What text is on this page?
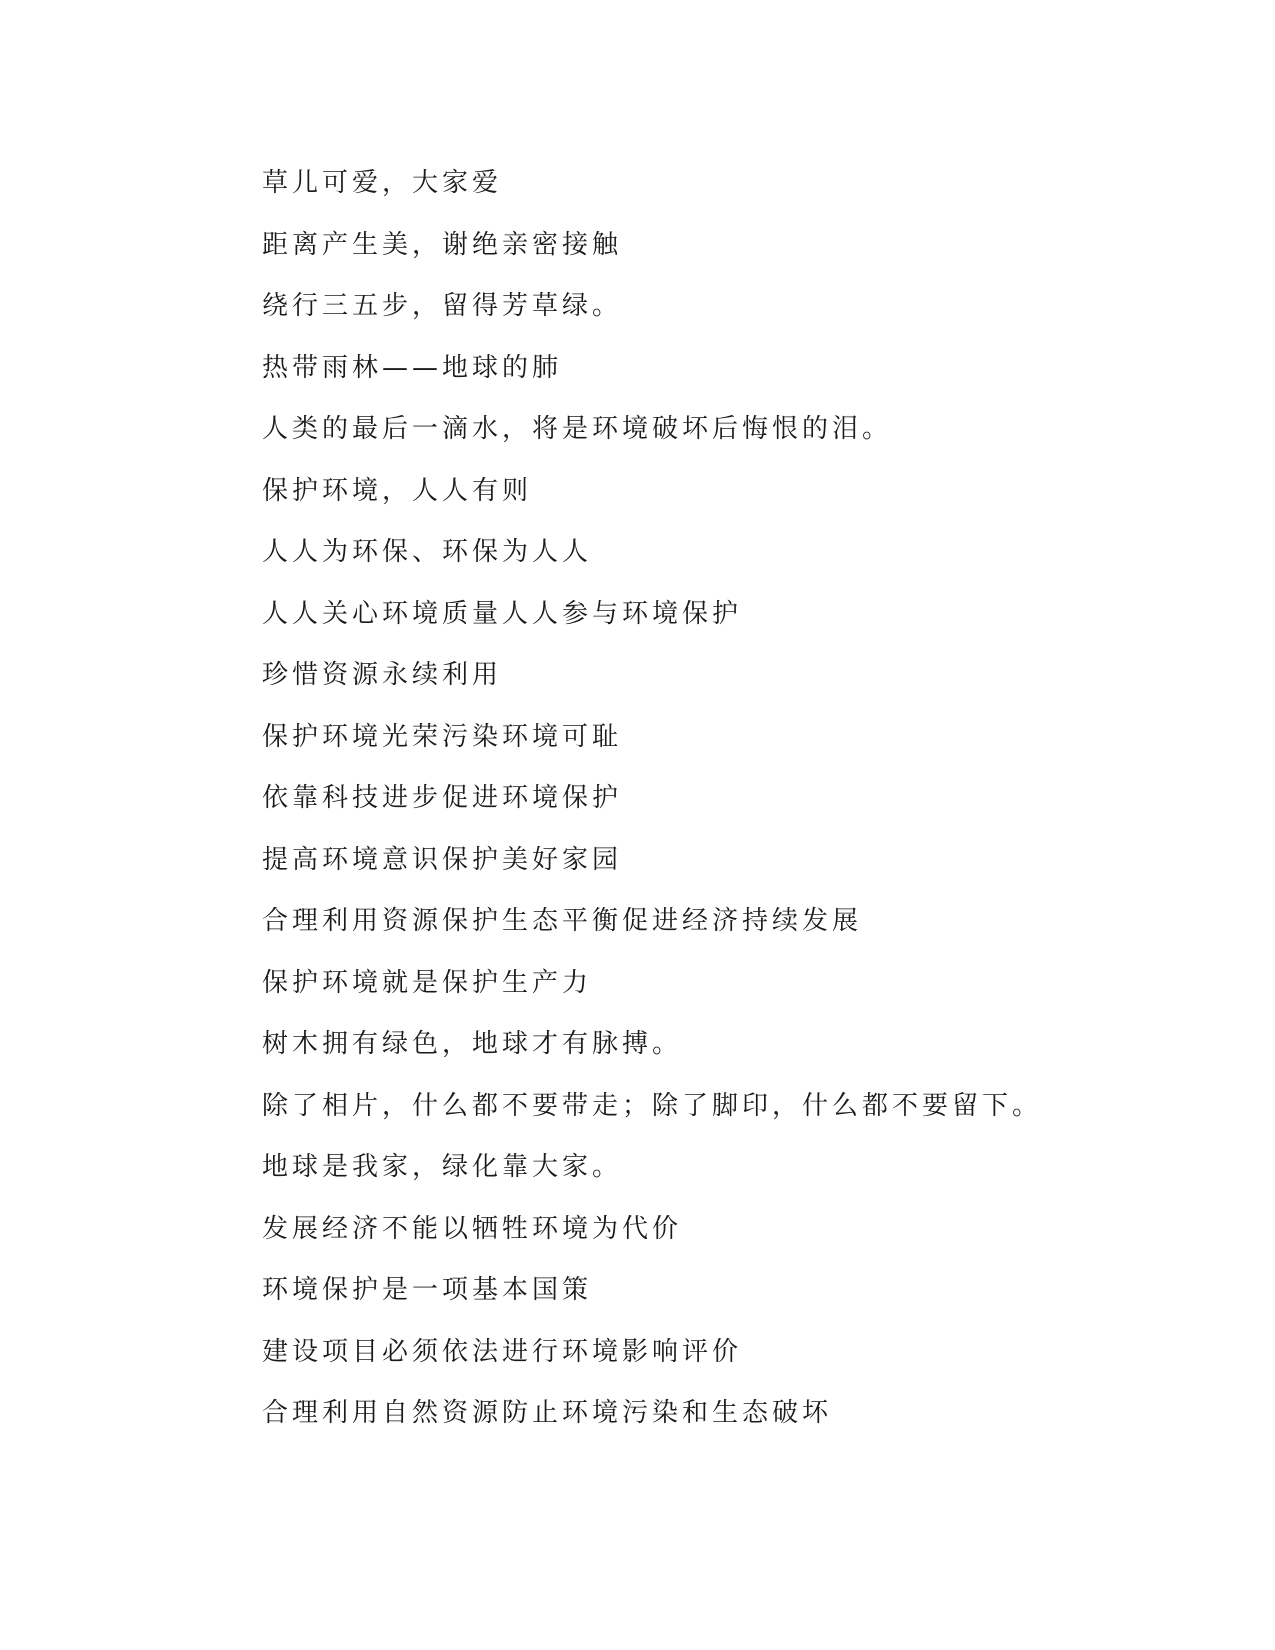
草儿可爱，大家爱
距离产生美，谢绝亲密接触
绕行三五步，留得芳草绿。
热带雨林——地球的肺
人类的最后一滴水，将是环境破坏后悔恨的泪。
保护环境，人人有则
人人为环保、环保为人人
人人关心环境质量人人参与环境保护
珍惜资源永续利用
保护环境光荣污染环境可耻
依靠科技进步促进环境保护
提高环境意识保护美好家园
合理利用资源保护生态平衡促进经济持续发展
保护环境就是保护生产力
树木拥有绿色，地球才有脉搏。
除了相片，什么都不要带走；除了脚印，什么都不要留下。
地球是我家，绿化靠大家。
发展经济不能以牺牲环境为代价
环境保护是一项基本国策
建设项目必须依法进行环境影响评价
合理利用自然资源防止环境污染和生态破坏
